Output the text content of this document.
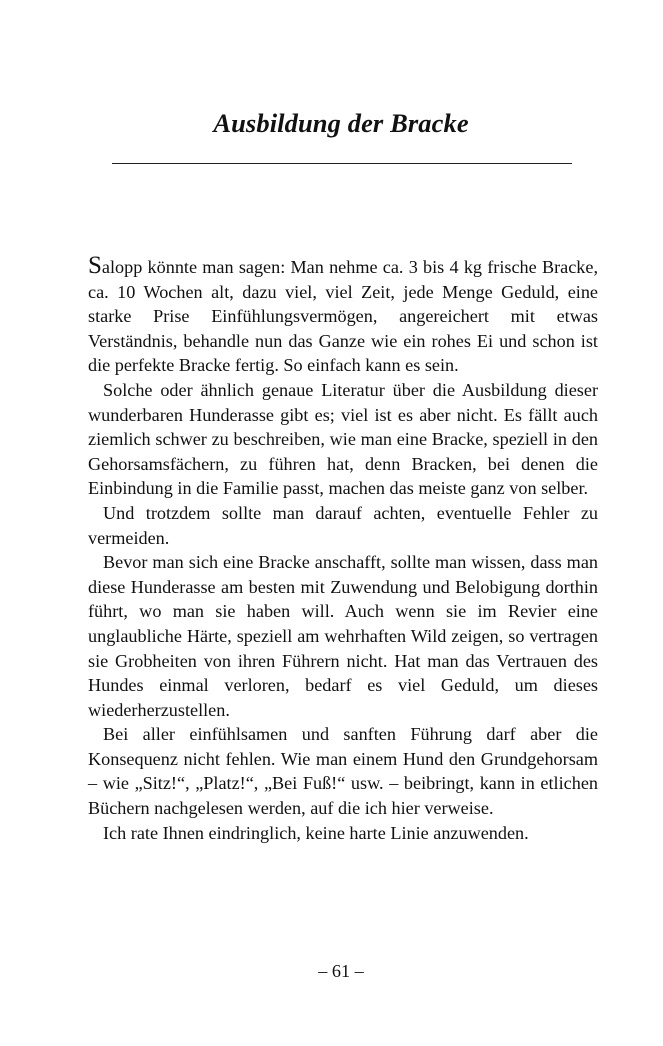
Ausbildung der Bracke

Salopp könnte man sagen: Man nehme ca. 3 bis 4 kg frische Bracke, ca. 10 Wochen alt, dazu viel, viel Zeit, jede Menge Geduld, eine starke Prise Einfühlungsvermögen, angereichert mit etwas Verständnis, behandle nun das Ganze wie ein rohes Ei und schon ist die perfekte Bracke fertig. So einfach kann es sein.

Solche oder ähnlich genaue Literatur über die Ausbildung dieser wunderbaren Hunderasse gibt es; viel ist es aber nicht. Es fällt auch ziemlich schwer zu beschreiben, wie man eine Bracke, speziell in den Gehorsamsfächern, zu führen hat, denn Bracken, bei denen die Einbindung in die Familie passt, machen das meiste ganz von selber.

Und trotzdem sollte man darauf achten, eventuelle Fehler zu vermeiden.

Bevor man sich eine Bracke anschafft, sollte man wissen, dass man diese Hunderasse am besten mit Zuwendung und Belobigung dorthin führt, wo man sie haben will. Auch wenn sie im Revier eine unglaubliche Härte, speziell am wehrhaften Wild zeigen, so vertragen sie Grobheiten von ihren Führern nicht. Hat man das Vertrauen des Hundes einmal verloren, bedarf es viel Geduld, um dieses wiederherzustellen.

Bei aller einfühlsamen und sanften Führung darf aber die Konsequenz nicht fehlen. Wie man einem Hund den Grundgehorsam – wie „Sitz!“, „Platz!“, „Bei Fuß!“ usw. – beibringt, kann in etlichen Büchern nachgelesen werden, auf die ich hier verweise.

Ich rate Ihnen eindringlich, keine harte Linie anzuwenden.

– 61 –
